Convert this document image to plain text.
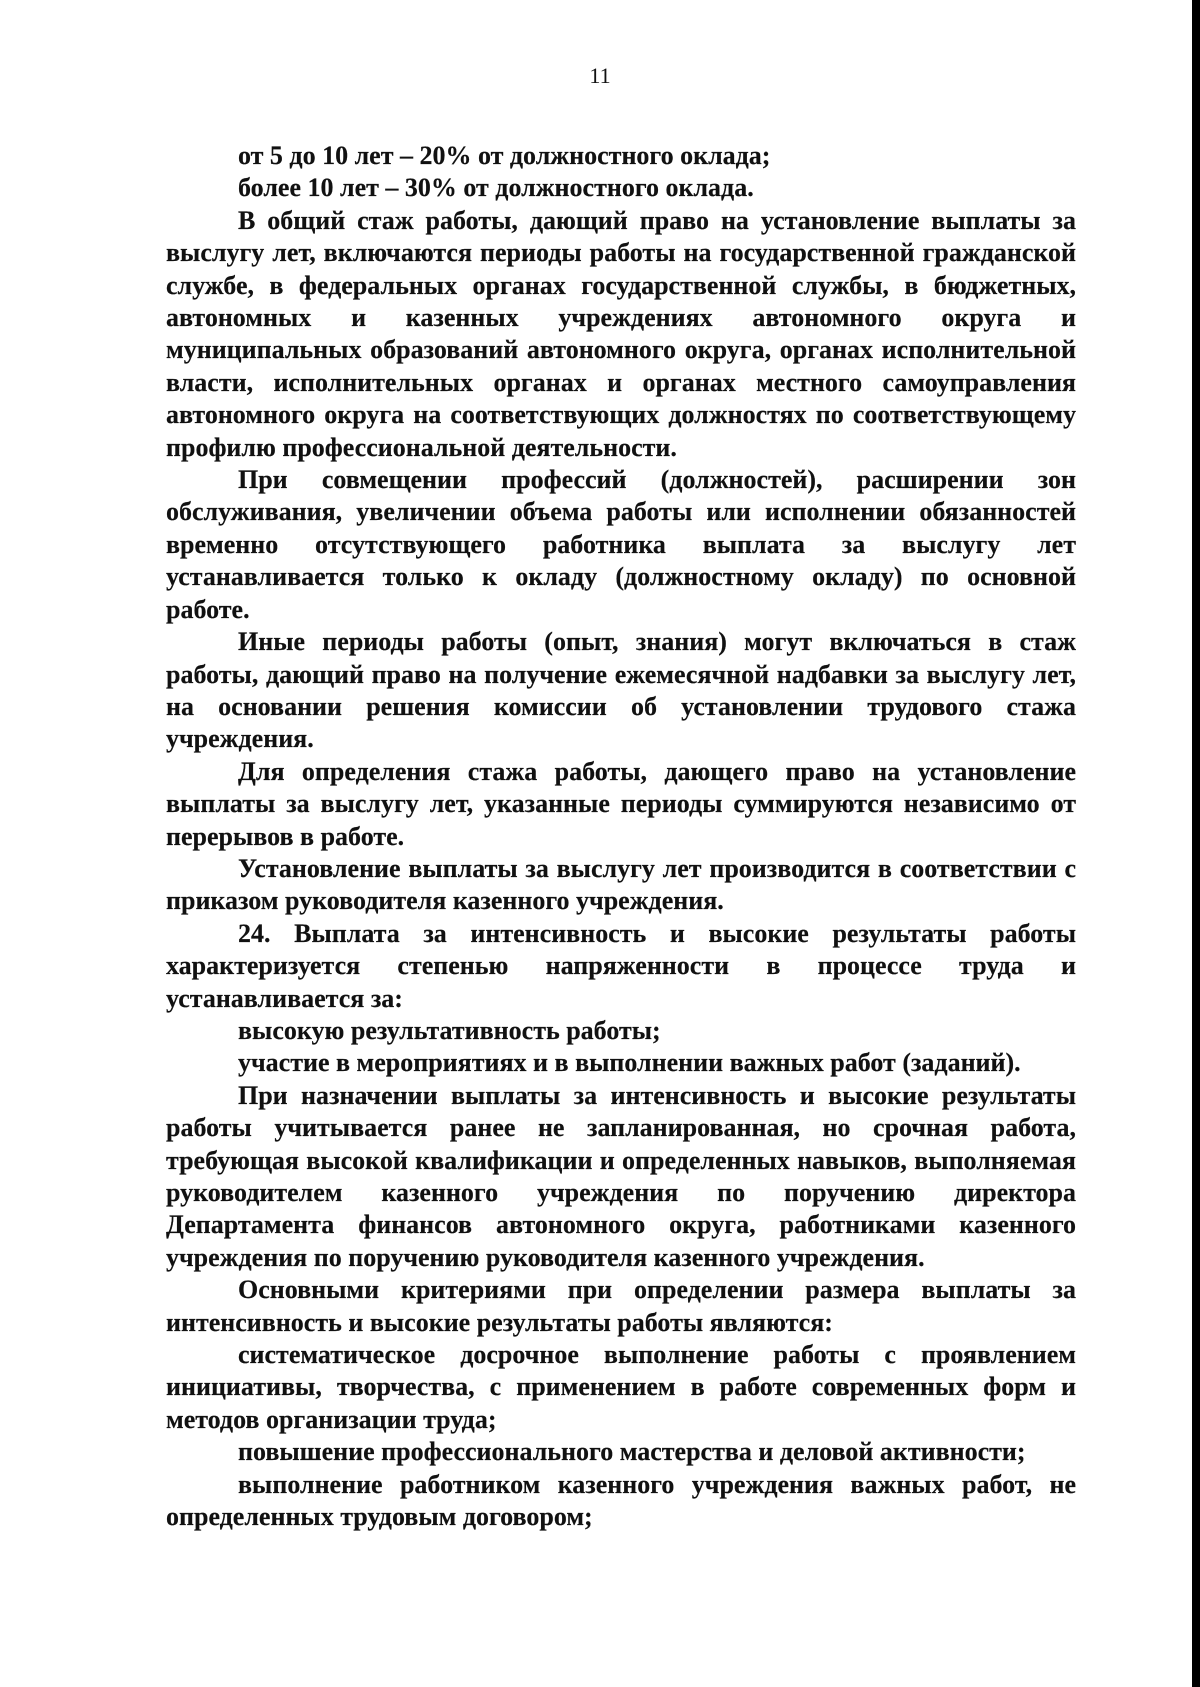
11

от 5 до 10 лет – 20% от должностного оклада;

более 10 лет – 30% от должностного оклада.

В общий стаж работы, дающий право на установление выплаты за выслугу лет, включаются периоды работы на государственной гражданской службе, в федеральных органах государственной службы, в бюджетных, автономных и казенных учреждениях автономного округа и муниципальных образований автономного округа, органах исполнительной власти, исполнительных органах и органах местного самоуправления автономного округа на соответствующих должностях по соответствующему профилю профессиональной деятельности.

При совмещении профессий (должностей), расширении зон обслуживания, увеличении объема работы или исполнении обязанностей временно отсутствующего работника выплата за выслугу лет устанавливается только к окладу (должностному окладу) по основной работе.

Иные периоды работы (опыт, знания) могут включаться в стаж работы, дающий право на получение ежемесячной надбавки за выслугу лет, на основании решения комиссии об установлении трудового стажа учреждения.

Для определения стажа работы, дающего право на установление выплаты за выслугу лет, указанные периоды суммируются независимо от перерывов в работе.

Установление выплаты за выслугу лет производится в соответствии с приказом руководителя казенного учреждения.

24. Выплата за интенсивность и высокие результаты работы характеризуется степенью напряженности в процессе труда и устанавливается за:

высокую результативность работы;

участие в мероприятиях и в выполнении важных работ (заданий).

При назначении выплаты за интенсивность и высокие результаты работы учитывается ранее не запланированная, но срочная работа, требующая высокой квалификации и определенных навыков, выполняемая руководителем казенного учреждения по поручению директора Департамента финансов автономного округа, работниками казенного учреждения по поручению руководителя казенного учреждения.

Основными критериями при определении размера выплаты за интенсивность и высокие результаты работы являются:

систематическое досрочное выполнение работы с проявлением инициативы, творчества, с применением в работе современных форм и методов организации труда;

повышение профессионального мастерства и деловой активности;

выполнение работником казенного учреждения важных работ, не определенных трудовым договором;
